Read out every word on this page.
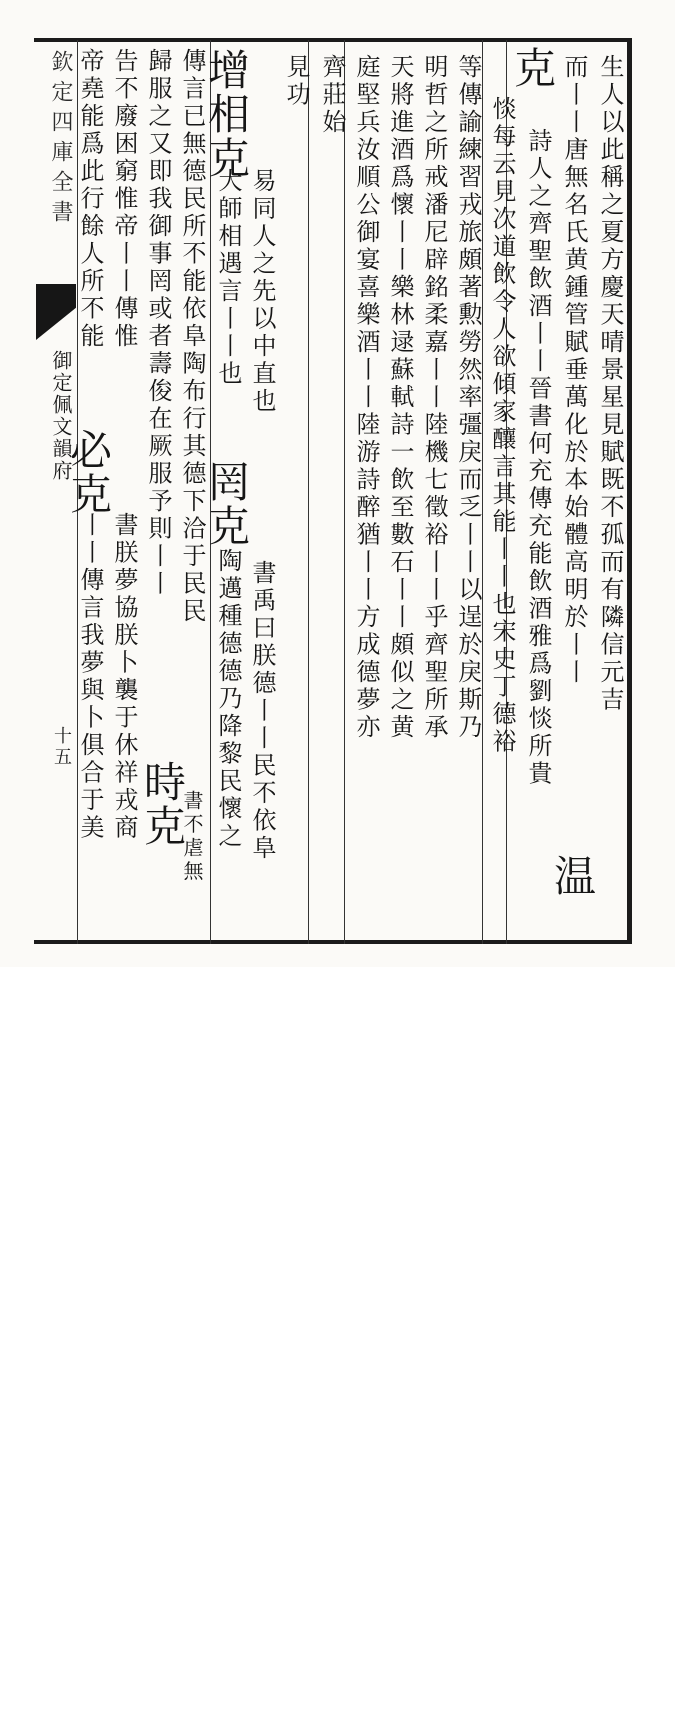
欽定四庫全書
御定佩文韻府
十五
生人以此稱之夏方慶天晴景星見賦既不孤而有隣信元吉
而丨丨唐無名氏黄鍾管賦垂萬化於本始體高明於丨丨
温
克
詩人之齊聖飲酒丨丨晉書何充傳充能飲酒雅爲劉惔所貴
惔每云見次道飲令人欲傾家釀言其能丨丨也宋史丁德裕
等傳諭練習戎旅頗著勲勞然率彊戾而乏丨丨以逞於戾斯乃
明哲之所戒潘尼辟銘柔嘉丨丨陸機七徵裕丨丨乎齊聖所承
天將進酒爲懷丨丨樂林逯蘇軾詩一飲至數石丨丨頗似之黄
庭堅兵汝順公御宴喜樂酒丨丨陸游詩醉猶丨丨方成德夢亦
齊莊始
見功
增相克
易同人之先以中直也
罔克
書禹曰朕德丨丨民不依阜
大師相遇言丨丨也
陶邁種德德乃降黎民懷之
傳言已無德民所不能依阜陶布行其德下洽于民民
歸服之又即我御事罔或者壽俊在厥服予則丨丨
時克
書不虐無
告不廢困窮惟帝丨丨傳惟
必克
丨丨傳言我夢與卜俱合于美 書朕夢協朕卜襲于休祥戎商
帝堯能爲此行餘人所不能
